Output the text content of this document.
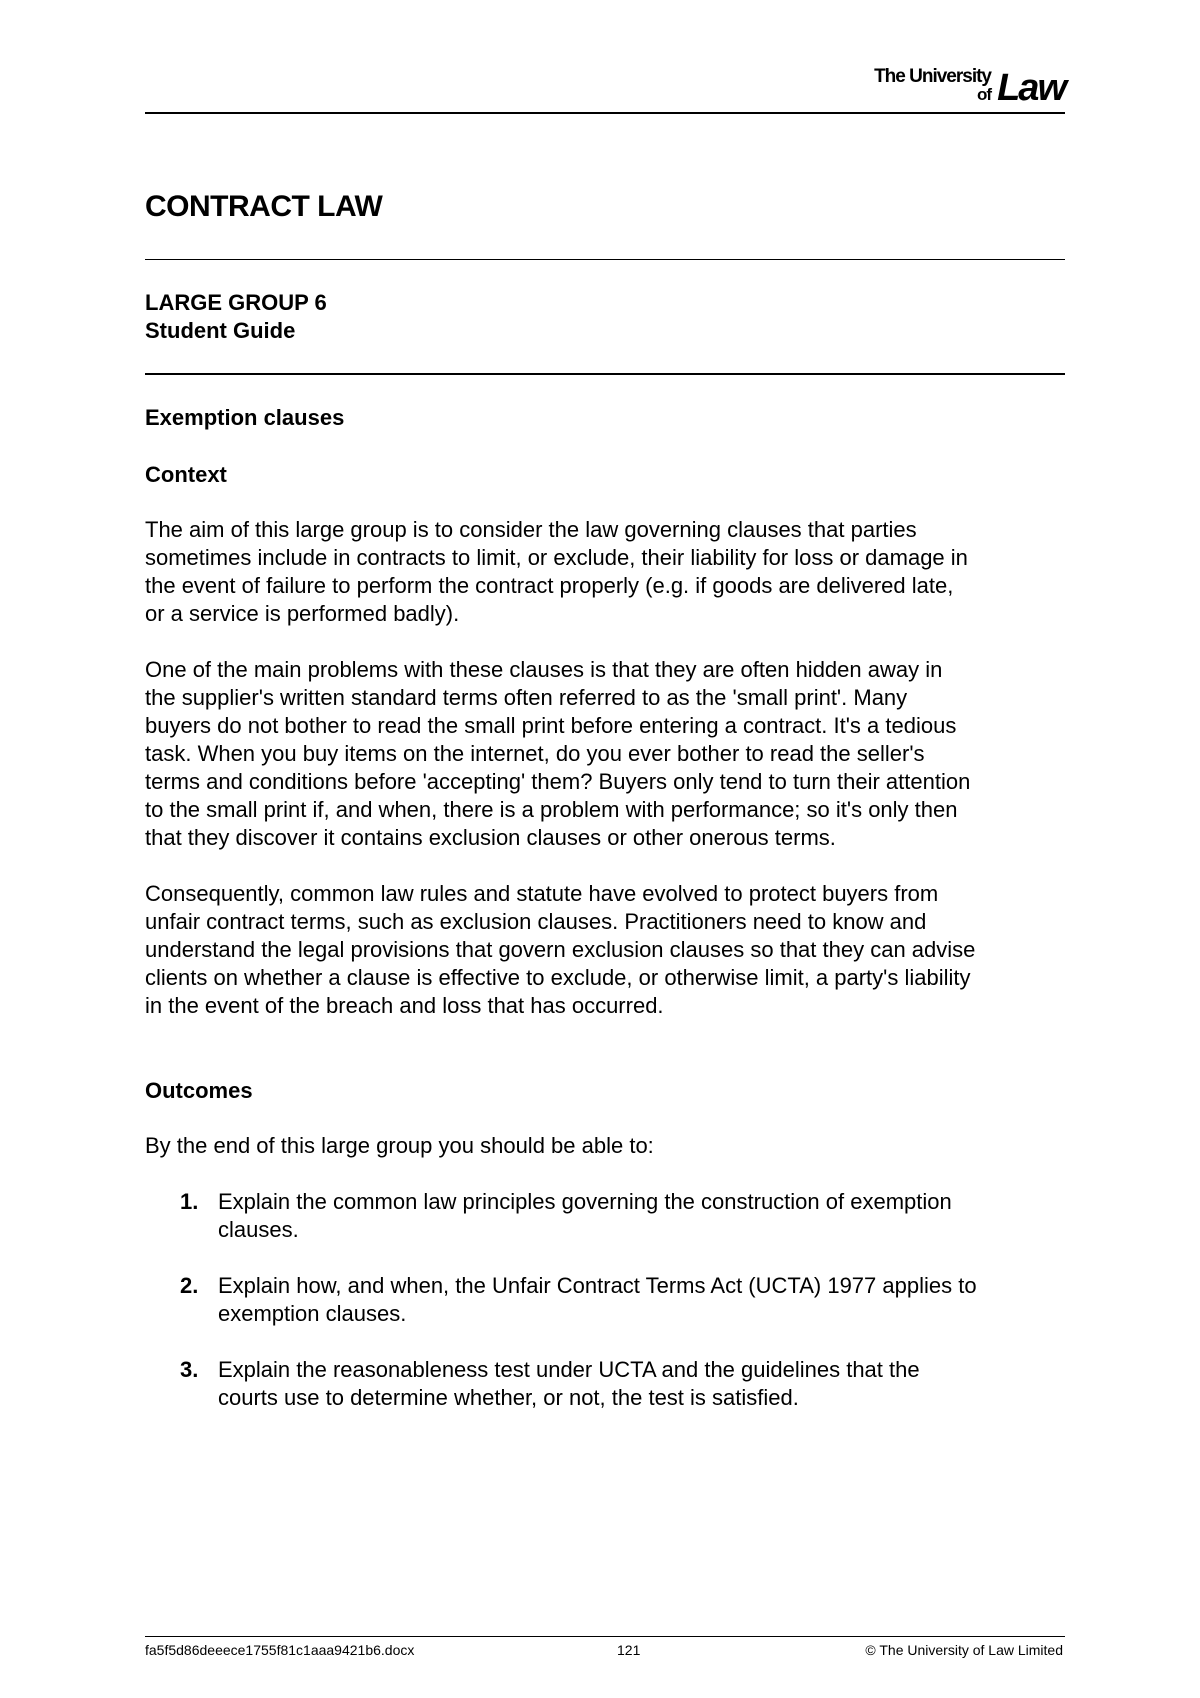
The University
of Law
CONTRACT LAW
LARGE GROUP 6
Student Guide
Exemption clauses
Context
The aim of this large group is to consider the law governing clauses that parties
sometimes include in contracts to limit, or exclude, their liability for loss or damage in
the event of failure to perform the contract properly (e.g. if goods are delivered late,
or a service is performed badly).
One of the main problems with these clauses is that they are often hidden away in
the supplier's written standard terms often referred to as the 'small print'. Many
buyers do not bother to read the small print before entering a contract. It's a tedious
task. When you buy items on the internet, do you ever bother to read the seller's
terms and conditions before 'accepting' them? Buyers only tend to turn their attention
to the small print if, and when, there is a problem with performance; so it's only then
that they discover it contains exclusion clauses or other onerous terms.
Consequently, common law rules and statute have evolved to protect buyers from
unfair contract terms, such as exclusion clauses. Practitioners need to know and
understand the legal provisions that govern exclusion clauses so that they can advise
clients on whether a clause is effective to exclude, or otherwise limit, a party's liability
in the event of the breach and loss that has occurred.
Outcomes
By the end of this large group you should be able to:
1. Explain the common law principles governing the construction of exemption
clauses.
2. Explain how, and when, the Unfair Contract Terms Act (UCTA) 1977 applies to
exemption clauses.
3. Explain the reasonableness test under UCTA and the guidelines that the
courts use to determine whether, or not, the test is satisfied.
fa5f5d86deeece1755f81c1aaa9421b6.docx	121	© The University of Law Limited
